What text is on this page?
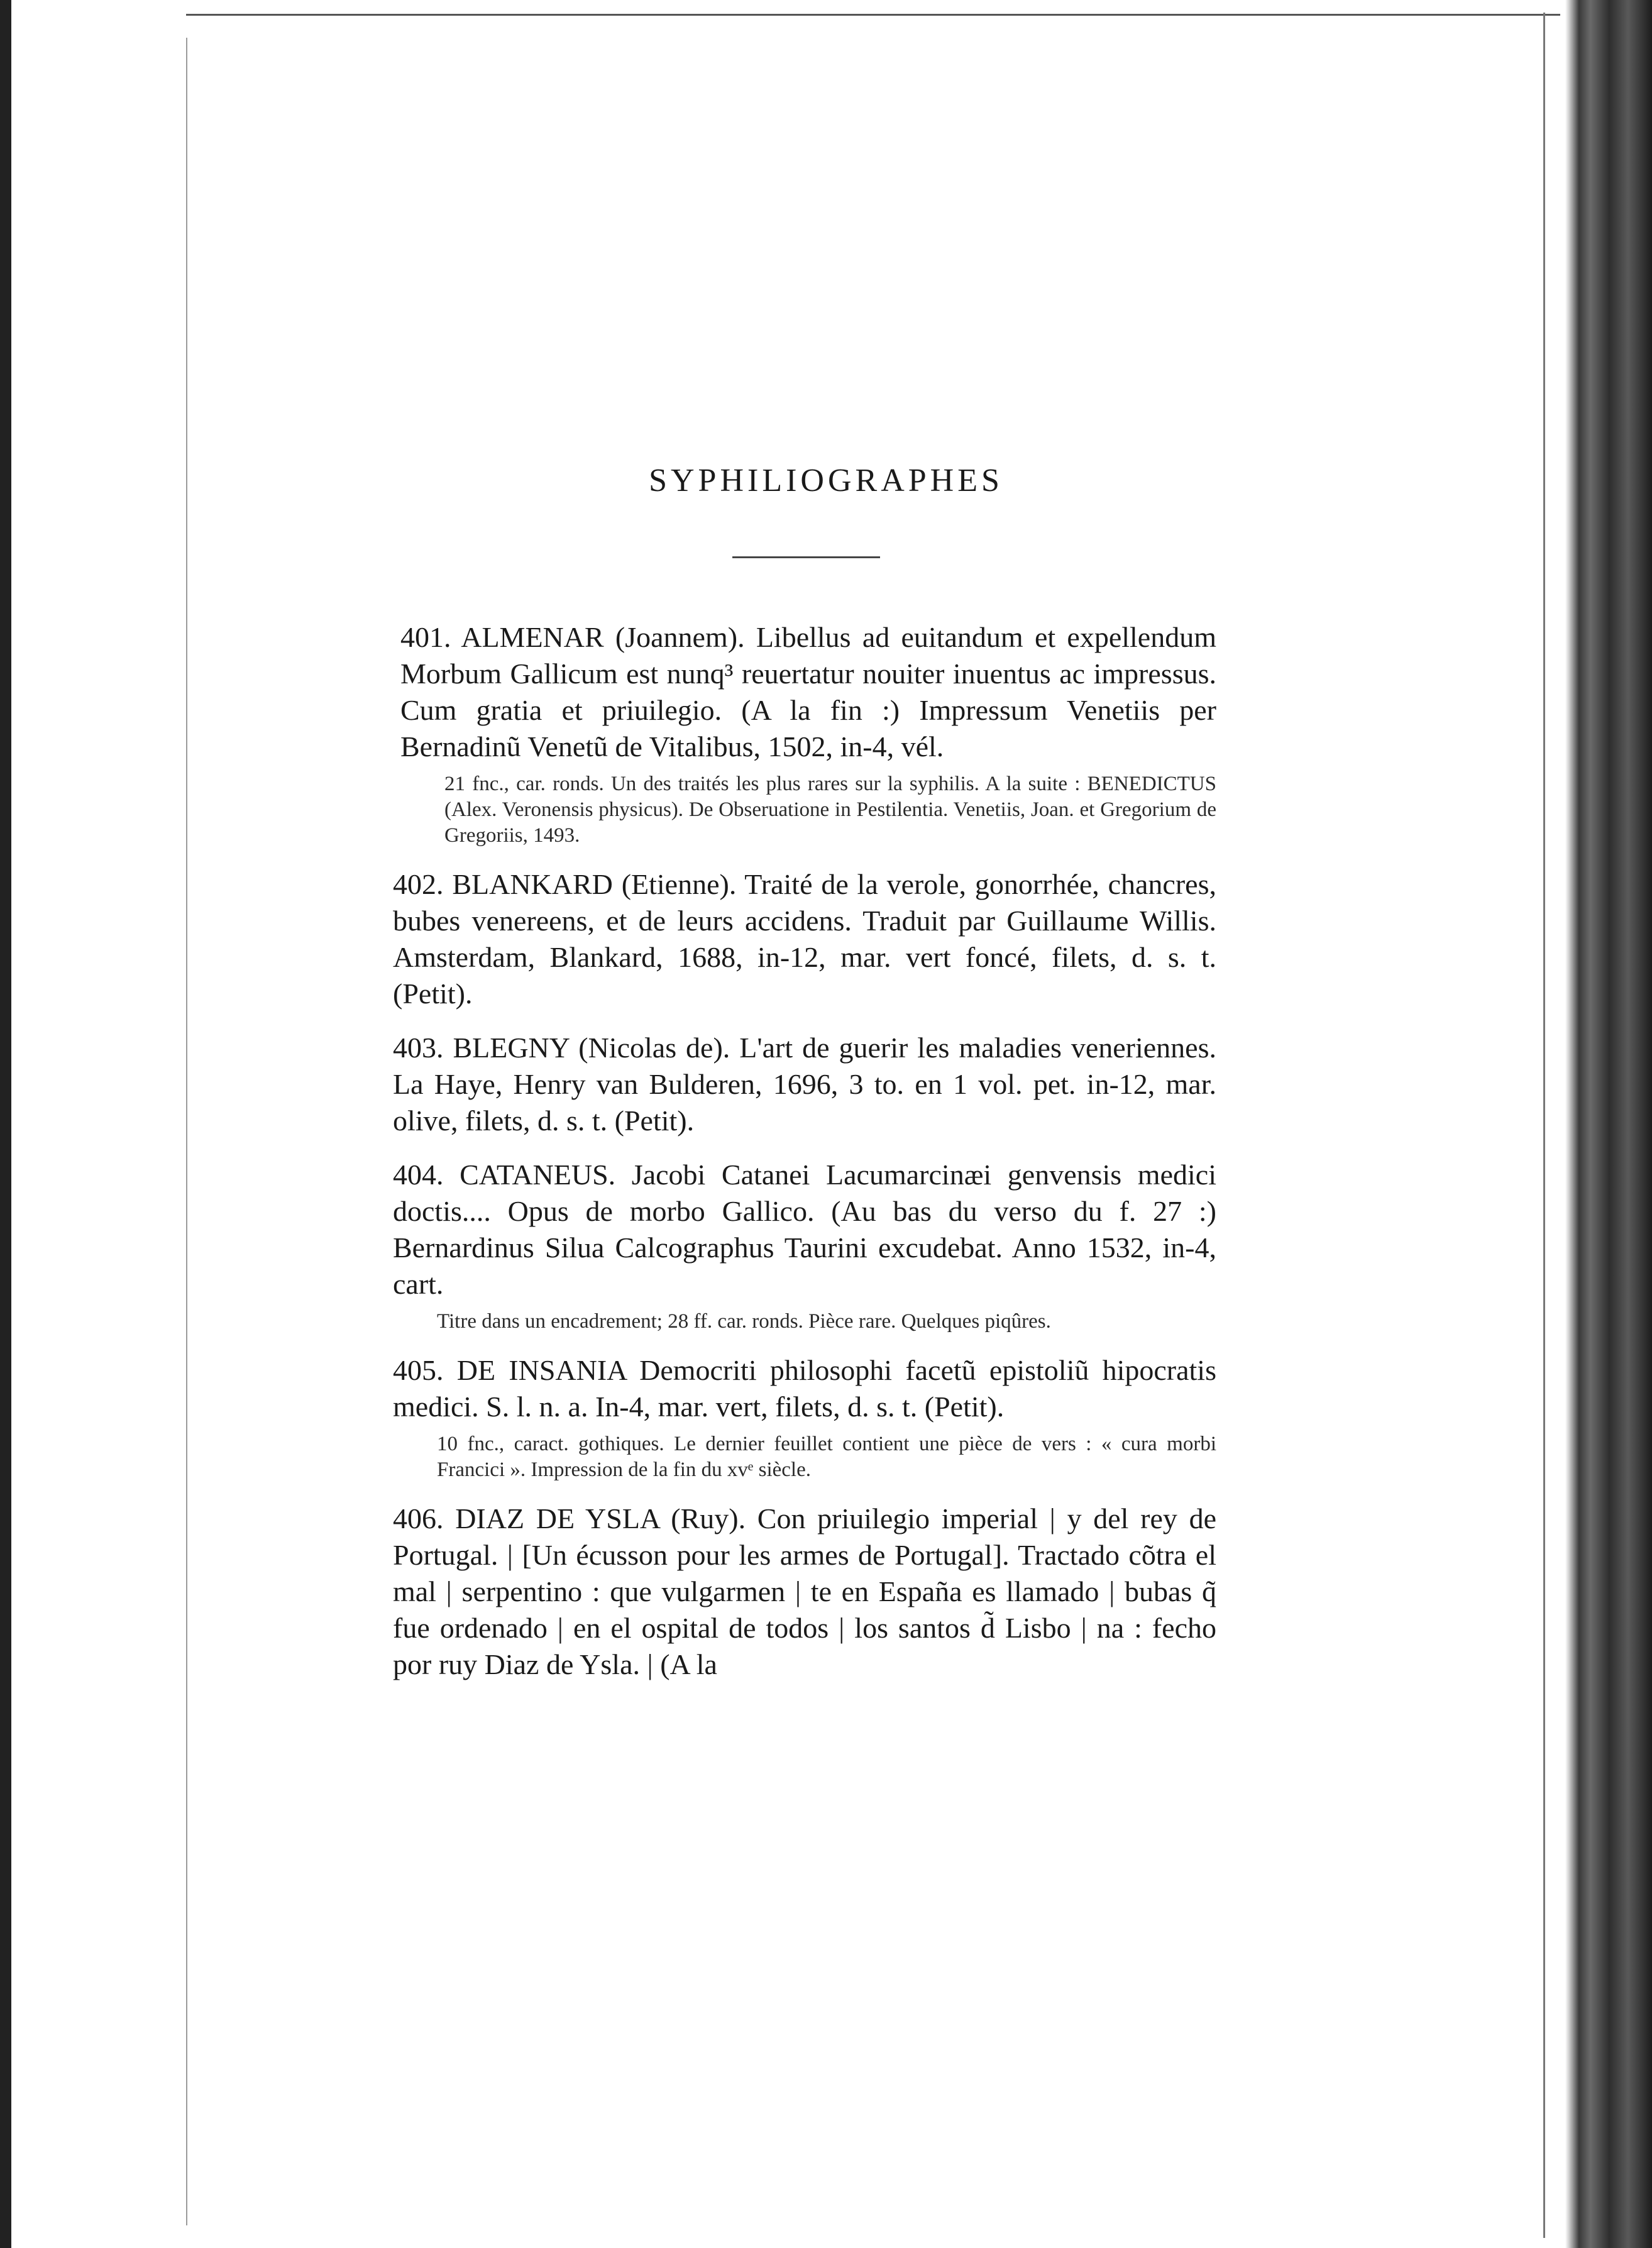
SYPHILIOGRAPHES

401. ALMENAR (Joannem). Libellus ad euitandum et expellendum Morbum Gallicum est nunq³ reuertatur nouiter inuentus ac impressus. Cum gratia et priuilegio. (A la fin :) Impressum Venetiis per Bernadinũ Venetũ de Vitalibus, 1502, in-4, vél.

21 fnc., car. ronds. Un des traités les plus rares sur la syphilis. A la suite : BENEDICTUS (Alex. Veronensis physicus). De Obseruatione in Pestilentia. Venetiis, Joan. et Gregorium de Gregoriis, 1493.

402. BLANKARD (Etienne). Traité de la verole, gonorrhée, chancres, bubes venereens, et de leurs accidens. Traduit par Guillaume Willis. Amsterdam, Blankard, 1688, in-12, mar. vert foncé, filets, d. s. t. (Petit).

403. BLEGNY (Nicolas de). L'art de guerir les maladies veneriennes. La Haye, Henry van Bulderen, 1696, 3 to. en 1 vol. pet. in-12, mar. olive, filets, d. s. t. (Petit).

404. CATANEUS. Jacobi Catanei Lacumarcinæi genvensis medici doctis.... Opus de morbo Gallico. (Au bas du verso du f. 27 :) Bernardinus Silua Calcographus Taurini excudebat. Anno 1532, in-4, cart.

Titre dans un encadrement; 28 ff. car. ronds. Pièce rare. Quelques piqûres.

405. DE INSANIA Democriti philosophi facetũ epistoliũ hipocratis medici. S. l. n. a. In-4, mar. vert, filets, d. s. t. (Petit).

10 fnc., caract. gothiques. Le dernier feuillet contient une pièce de vers : « cura morbi Francici ». Impression de la fin du xvᵉ siècle.

406. DIAZ DE YSLA (Ruy). Con priuilegio imperial | y del rey de Portugal. | [Un écusson pour les armes de Portugal]. Tractado cõtra el mal | serpentino : que vulgarmen | te en España es llamado | bubas q̃ fue ordenado | en el ospital de todos | los santos d̃ Lisbo | na : fecho por ruy Diaz de Ysla. | (A la
